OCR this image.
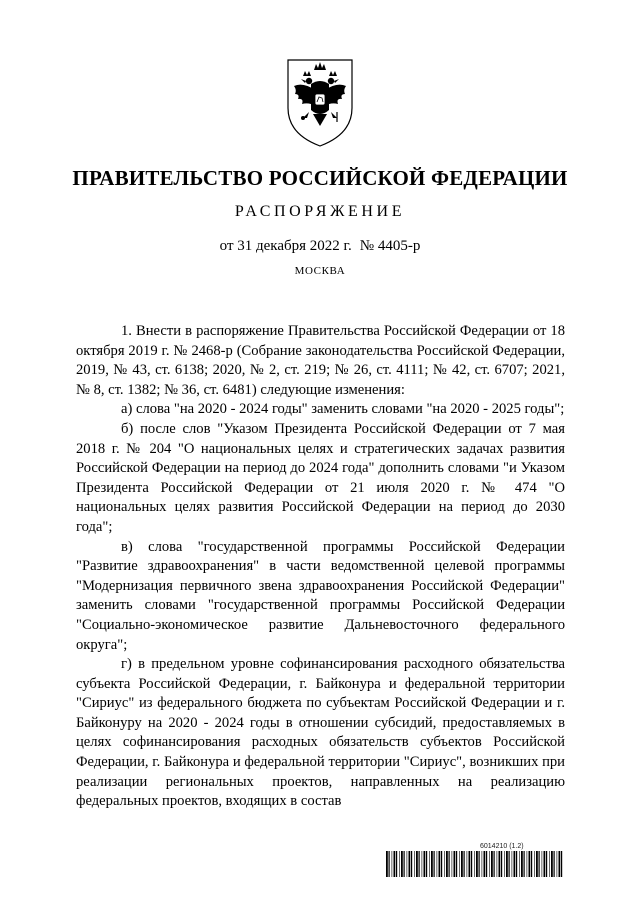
ПРАВИТЕЛЬСТВО РОССИЙСКОЙ ФЕДЕРАЦИИ
РАСПОРЯЖЕНИЕ
от 31 декабря 2022 г. № 4405-р
МОСКВА

1. Внести в распоряжение Правительства Российской Федерации от 18 октября 2019 г. № 2468-р (Собрание законодательства Российской Федерации, 2019, № 43, ст. 6138; 2020, № 2, ст. 219; № 26, ст. 4111; № 42, ст. 6707; 2021, № 8, ст. 1382; № 36, ст. 6481) следующие изменения:

а) слова "на 2020 - 2024 годы" заменить словами "на 2020 - 2025 годы";

б) после слов "Указом Президента Российской Федерации от 7 мая 2018 г. № 204 "О национальных целях и стратегических задачах развития Российской Федерации на период до 2024 года" дополнить словами "и Указом Президента Российской Федерации от 21 июля 2020 г. № 474 "О национальных целях развития Российской Федерации на период до 2030 года";

в) слова "государственной программы Российской Федерации "Развитие здравоохранения" в части ведомственной целевой программы "Модернизация первичного звена здравоохранения Российской Федерации" заменить словами "государственной программы Российской Федерации "Социально-экономическое развитие Дальневосточного федерального округа";

г) в предельном уровне софинансирования расходного обязательства субъекта Российской Федерации, г. Байконура и федеральной территории "Сириус" из федерального бюджета по субъектам Российской Федерации и г. Байконуру на 2020 - 2024 годы в отношении субсидий, предоставляемых в целях софинансирования расходных обязательств субъектов Российской Федерации, г. Байконура и федеральной территории "Сириус", возникших при реализации региональных проектов, направленных на реализацию федеральных проектов, входящих в состав

6014210 (1.2)
